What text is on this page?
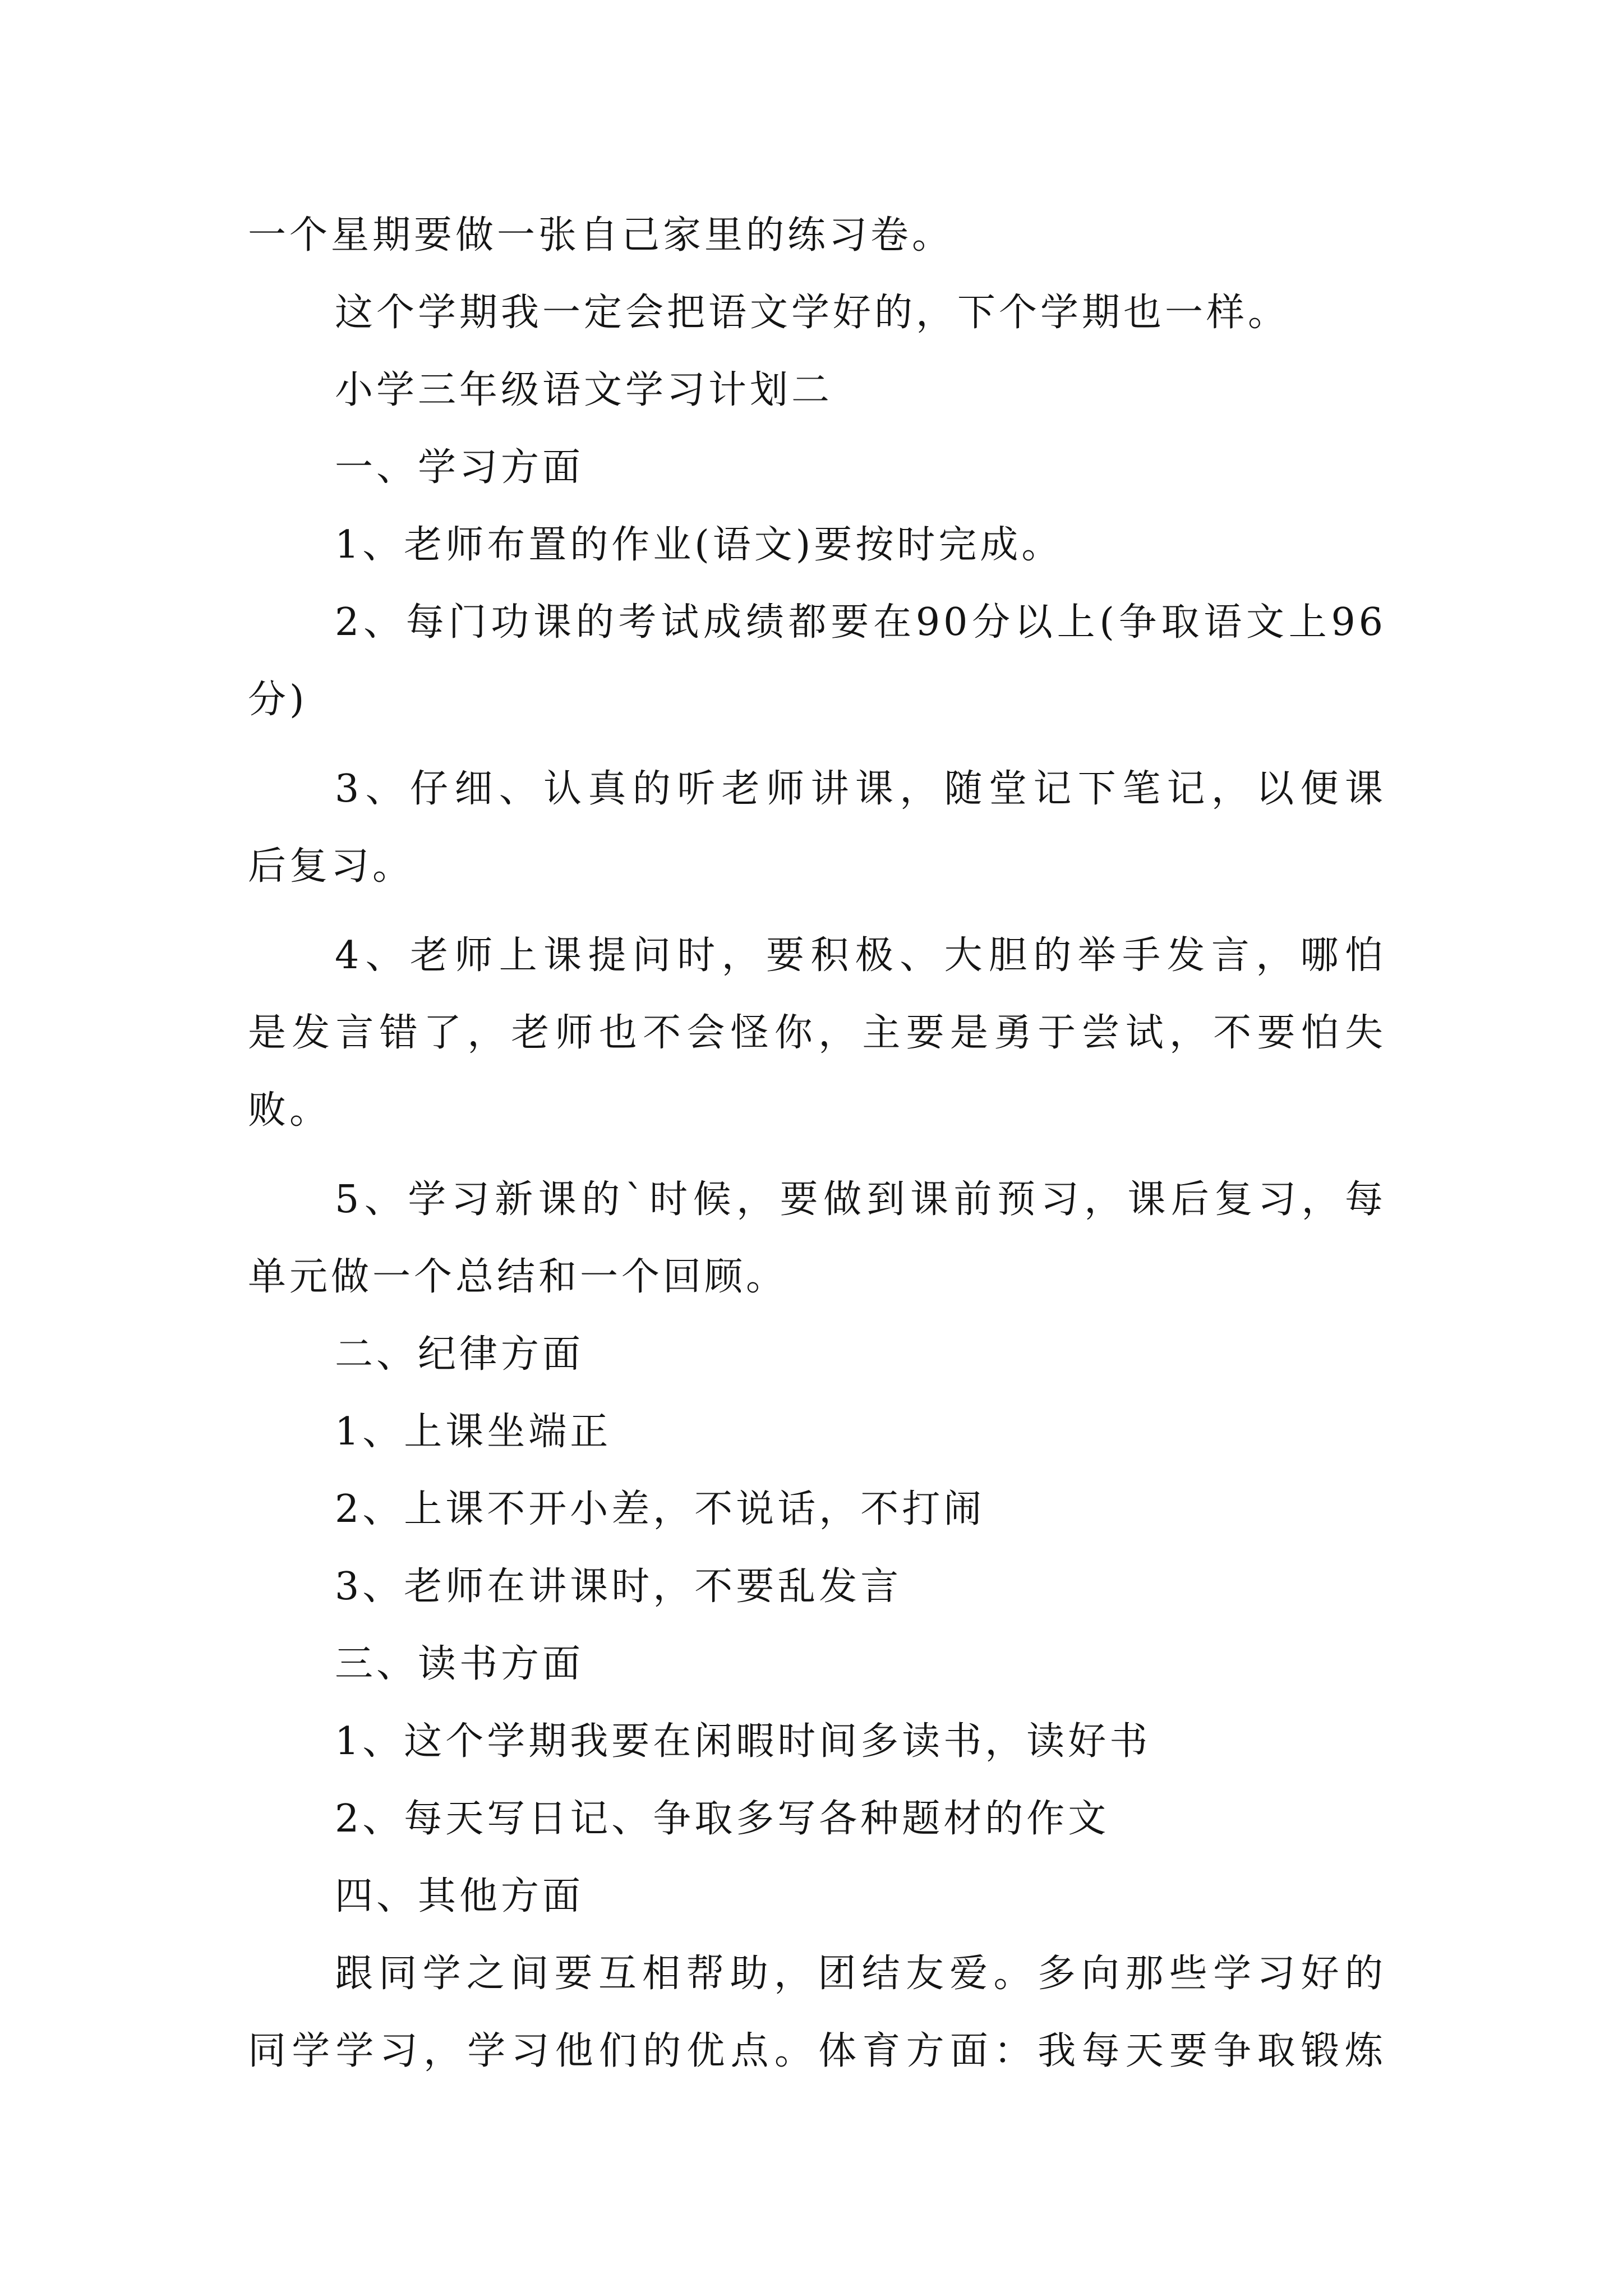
一个星期要做一张自己家里的练习卷。
这个学期我一定会把语文学好的，下个学期也一样。
小学三年级语文学习计划二
一、学习方面
1、老师布置的作业(语文)要按时完成。
2、每门功课的考试成绩都要在90分以上(争取语文上96
分)
3、仔细、认真的听老师讲课，随堂记下笔记，以便课
后复习。
4、老师上课提问时，要积极、大胆的举手发言，哪怕
是发言错了，老师也不会怪你，主要是勇于尝试，不要怕失
败。
5、学习新课的`时候，要做到课前预习，课后复习，每
单元做一个总结和一个回顾。
二、纪律方面
1、上课坐端正
2、上课不开小差，不说话，不打闹
3、老师在讲课时，不要乱发言
三、读书方面
1、这个学期我要在闲暇时间多读书，读好书
2、每天写日记、争取多写各种题材的作文
四、其他方面
跟同学之间要互相帮助，团结友爱。多向那些学习好的
同学学习，学习他们的优点。体育方面：我每天要争取锻炼
